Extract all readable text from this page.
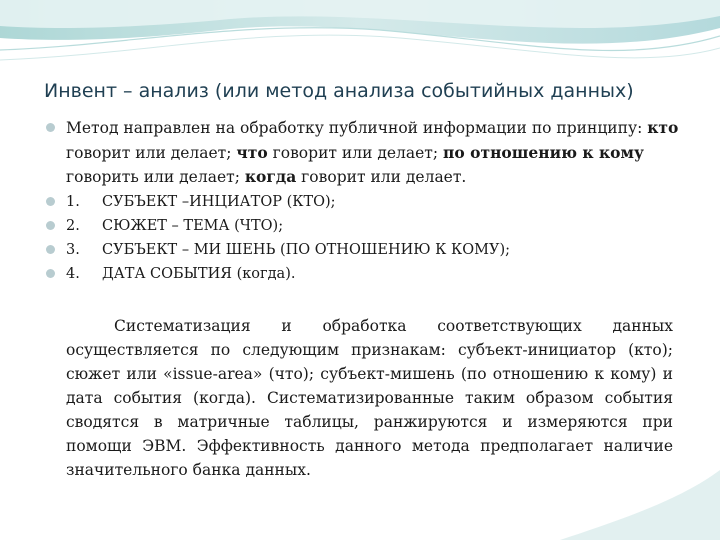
Инвент – анализ (или метод анализа событийных данных)
Метод направлен на обработку публичной информации по принципу: кто говорит или делает; что говорит или делает; по отношению к кому говорить или делает; когда говорит или делает.
1. СУБЪЕКТ –ИНЦИАТОР (КТО);
2. СЮЖЕТ – ТЕМА (ЧТО);
3. СУБЪЕКТ – МИ ШЕНЬ (ПО ОТНОШЕНИЮ К КОМУ);
4. ДАТА СОБЫТИЯ (когда).
Систематизация и обработка соответствующих данных осуществляется по следующим признакам: субъект-инициатор (кто); сюжет или «issue-area» (что); субъект-мишень (по отношению к кому) и дата события (когда). Систематизированные таким образом события сводятся в матричные таблицы, ранжируются и измеряются при помощи ЭВМ. Эффективность данного метода предполагает наличие значительного банка данных.
